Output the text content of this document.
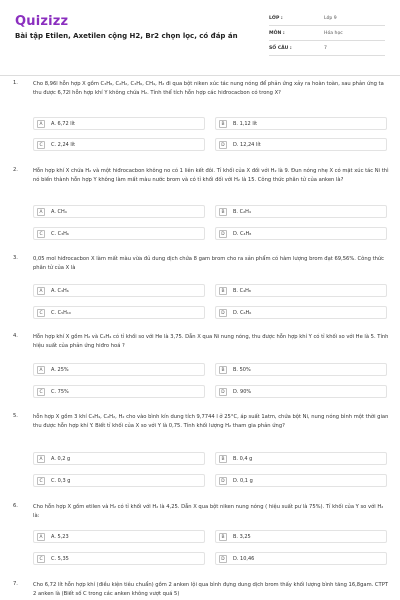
Quizizz
Bài tập Etilen, Axetilen cộng H2, Br2 chọn lọc, có đáp án
LỚP :	Lớp 9
MÔN :	Hóa học
SỐ CÂU :	7
1.	Cho 8,96l hỗn hợp X gồm C₃H₈, C₂H₂, C₃H₆, CH₄, H₂ đi qua bột niken xúc tác nung nóng để phản ứng xảy ra hoàn toàn, sau phản ứng ta thu được 6,72l hỗn hợp khí Y không chứa H₂. Tính thể tích hỗn hợp các hiđrocacbon có trong X?
A	A. 6,72 lít	B	B. 1,12 lít
C	C. 2,24 lít	D	D. 12,24 lít
2.	Hỗn hợp khí X chứa H₂ và một hiđrocacbon không no có 1 liên kết đôi. Tỉ khối của X đối với H₂ là 9. Đun nóng nhẹ X có mặt xúc tác Ni thì nó biến thành hỗn hợp Y không làm mất màu nước brom và có tỉ khối đối với H₂ là 15. Công thức phân tử của anken là?
A	A. CH₄	B	B. C₂H₄
C	C. C₃H₆	D	D. C₄H₈
3.	0,05 mol hiđrocacbon X làm mất màu vừa đủ dung dịch chứa 8 gam brom cho ra sản phẩm có hàm lượng brom đạt 69,56%. Công thức phân tử của X là
A	A. C₃H₆	B	B. C₄H₈
C	C. C₅H₁₀	D	D. C₆H₆
4.	Hỗn hợp khí X gồm H₂ và C₂H₄ có tỉ khối so với He là 3,75. Dẫn X qua Ni nung nóng, thu được hỗn hợp khí Y có tỉ khối so với He là 5. Tính hiệu suất của phản ứng hiđro hoá ?
A	A. 25%	B	B. 50%
C	C. 75%	D	D. 90%
5.	hỗn hợp X gồm 3 khí C₃H₄, C₂H₂, H₂ cho vào bình kín dung tích 9,7744 l ở 25°C, áp suất 1atm, chứa bột Ni, nung nóng bình một thời gian thu được hỗn hợp khí Y. Biết tỉ khối của X so với Y là 0,75. Tính khối lượng H₂ tham gia phản ứng?
A	A. 0,2 g	B	B. 0,4 g
C	C. 0,3 g	D	D. 0,1 g
6.	Cho hỗn hợp X gồm etilen và H₂ có tỉ khối với H₂ là 4,25. Dẫn X qua bột niken nung nóng ( hiệu suất pư là 75%). Tỉ khối của Y so với H₂ là:
A	A. 5,23	B	B. 3,25
C	C. 5,35	D	D. 10,46
7.	Cho 6,72 lít hỗn hợp khí (điều kiện tiêu chuẩn) gồm 2 anken lội qua bình đựng dung dịch brom thấy khối lượng bình tăng 16,8gam. CTPT 2 anken là (Biết số C trong các anken không vượt quá 5)
